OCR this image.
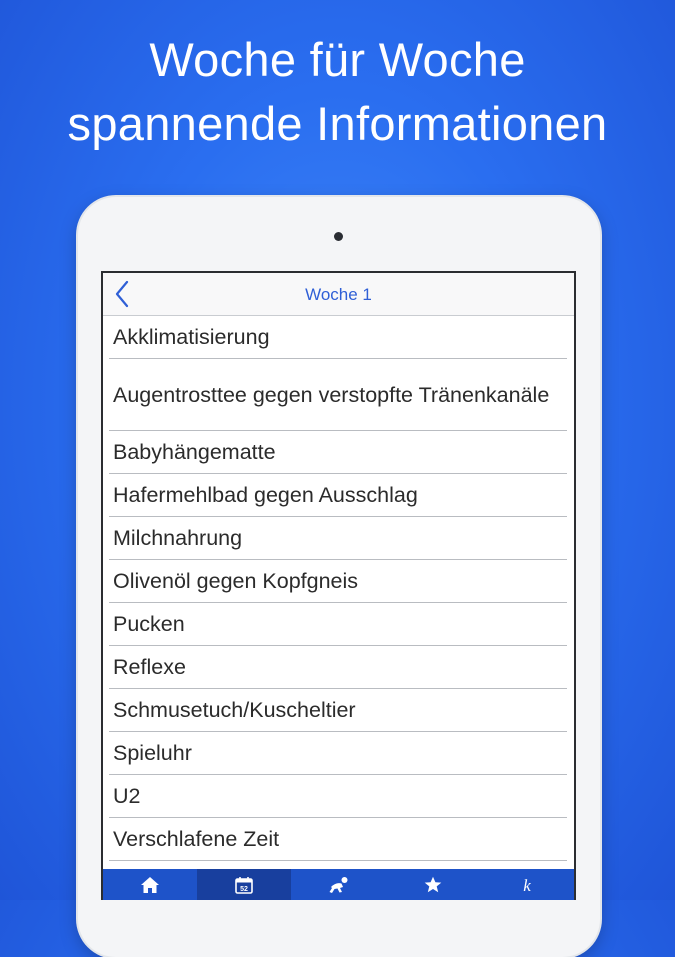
Woche für Woche
spannende Informationen
Woche 1
Akklimatisierung
Augentrosttee gegen verstopfte Tränenkanäle
Babyhängematte
Hafermehlbad gegen Ausschlag
Milchnahrung
Olivenöl gegen Kopfgneis
Pucken
Reflexe
Schmusetuch/Kuscheltier
Spieluhr
U2
Verschlafene Zeit
52	k
